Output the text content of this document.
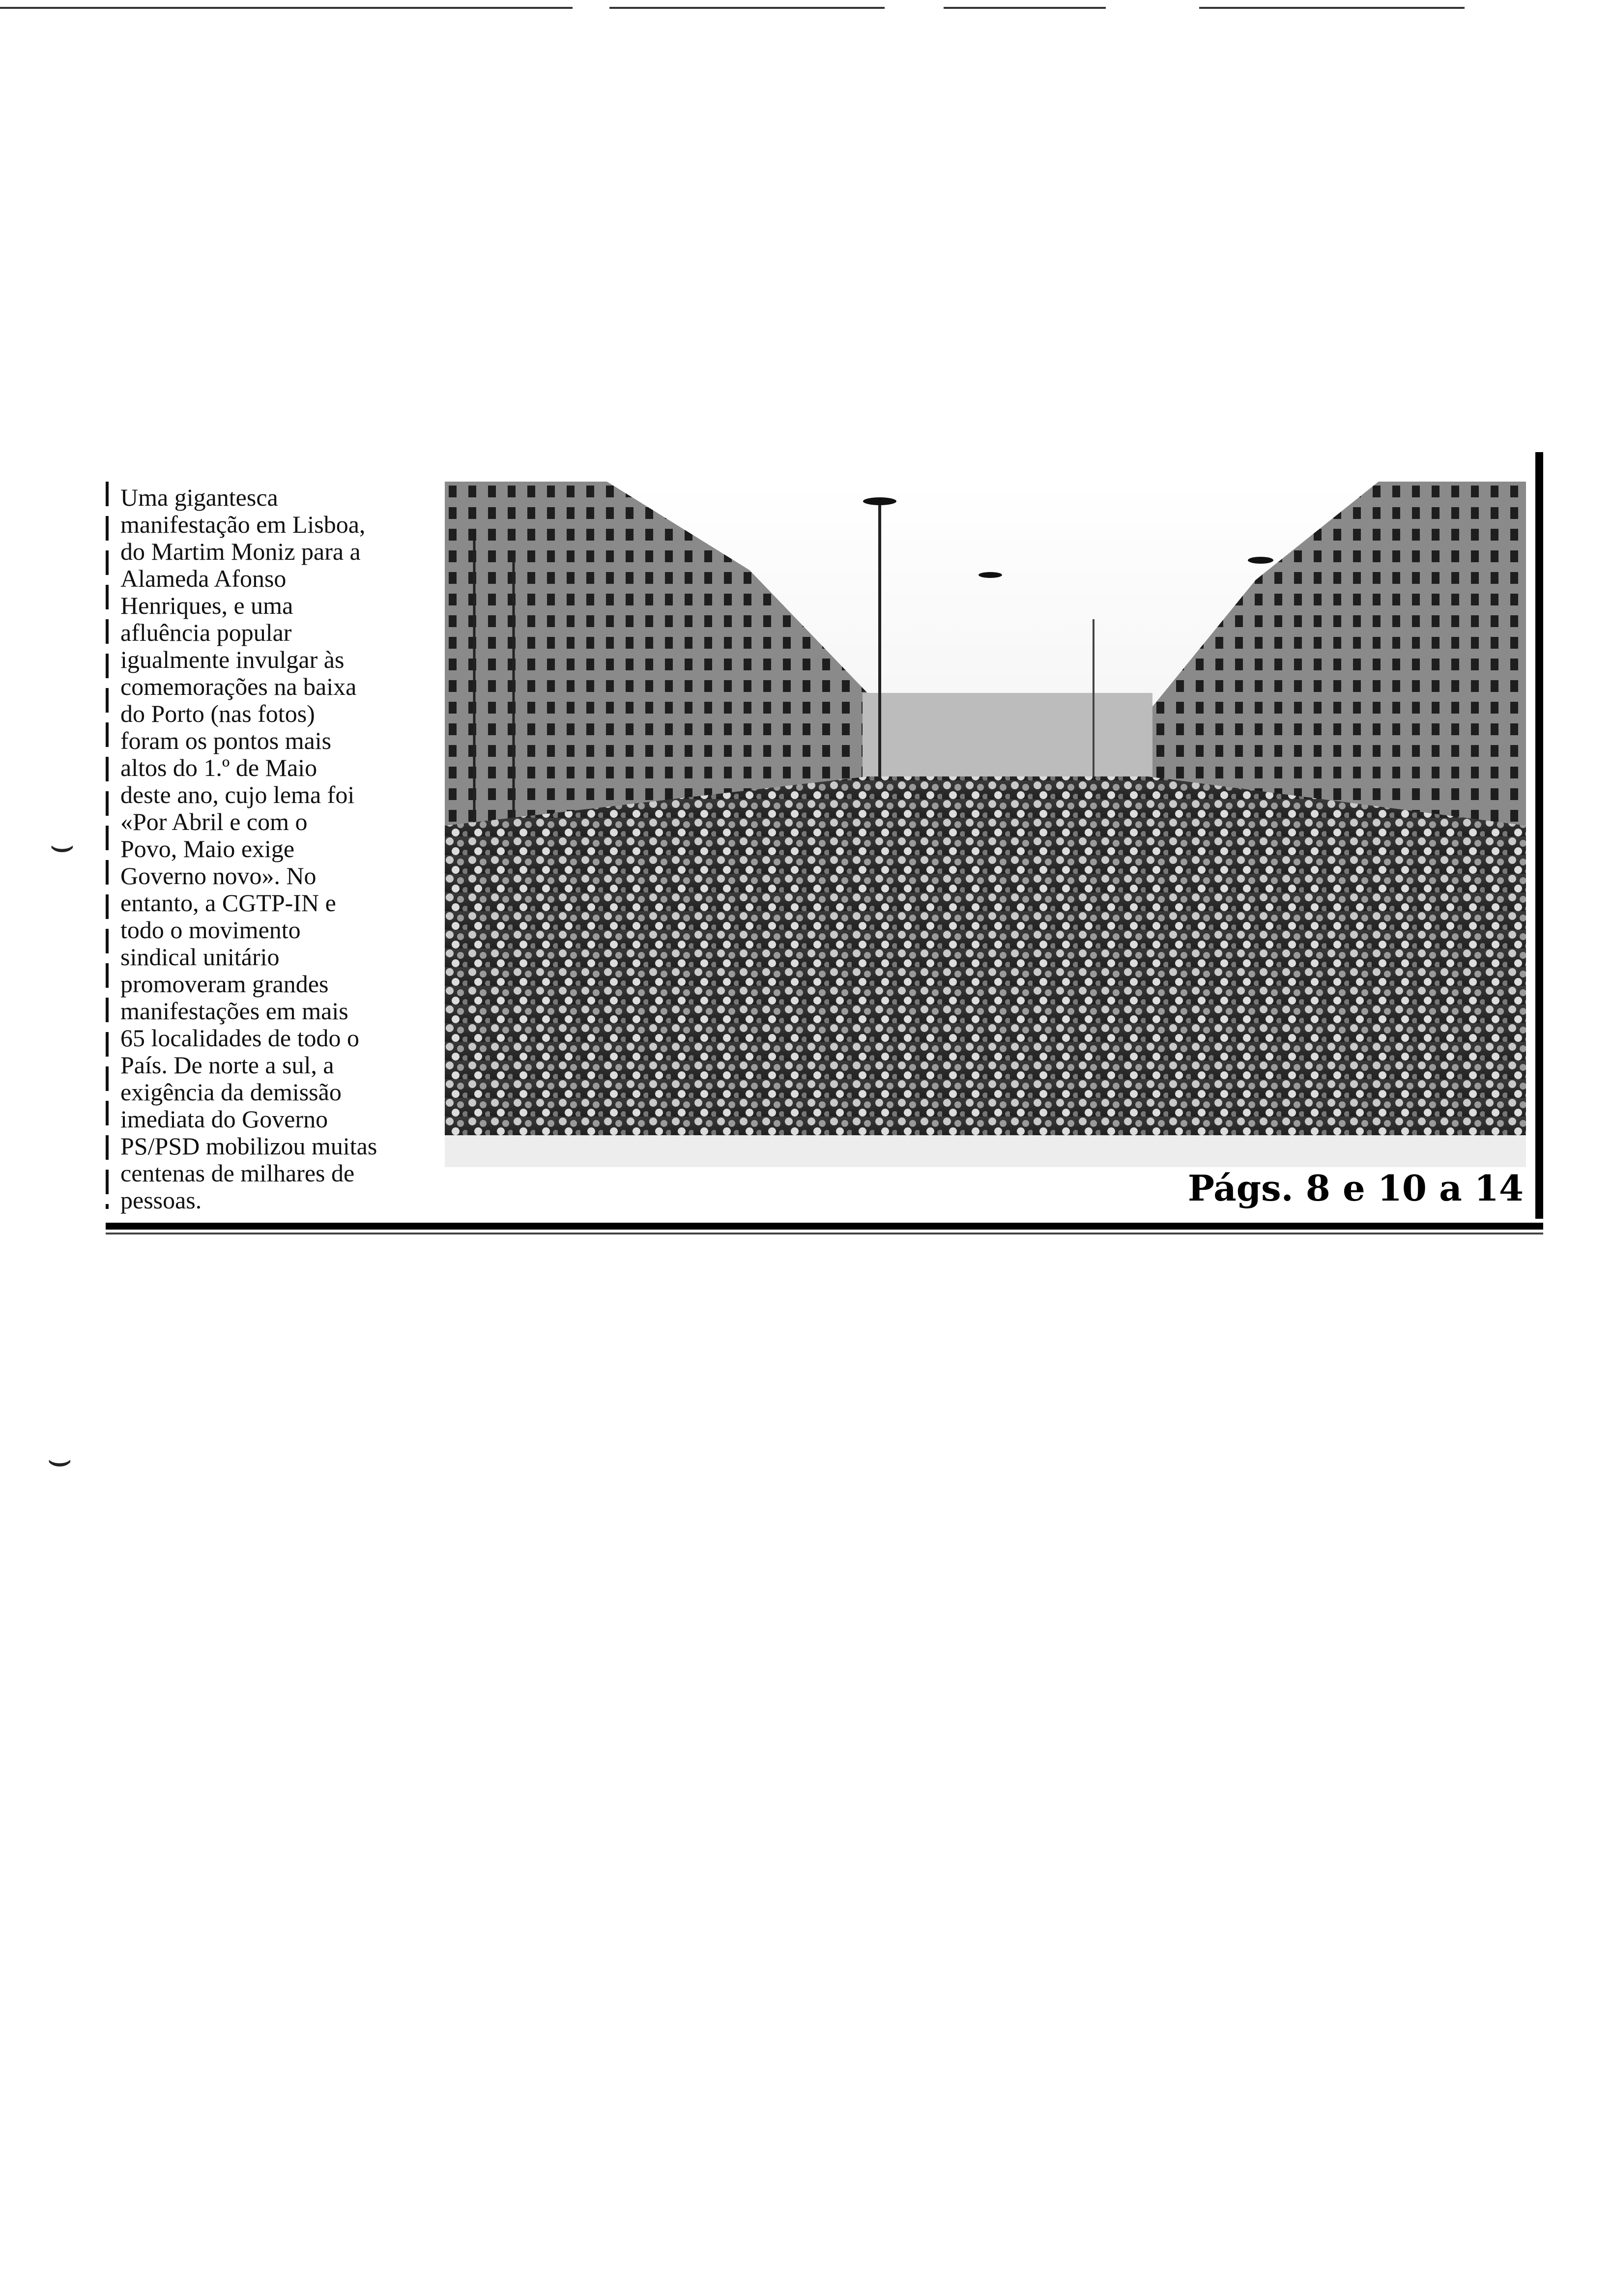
⌣
⌣

Uma gigantesca
manifestação em Lisboa,
do Martim Moniz para a
Alameda Afonso
Henriques, e uma
afluência popular
igualmente invulgar às
comemorações na baixa
do Porto (nas fotos)
foram os pontos mais
altos do 1.º de Maio
deste ano, cujo lema foi
«Por Abril e com o
Povo, Maio exige
Governo novo». No
entanto, a CGTP-IN e
todo o movimento
sindical unitário
promoveram grandes
manifestações em mais
65 localidades de todo o
País. De norte a sul, a
exigência da demissão
imediata do Governo
PS/PSD mobilizou muitas
centenas de milhares de
pessoas.	Págs. 8 e 10 a 14
